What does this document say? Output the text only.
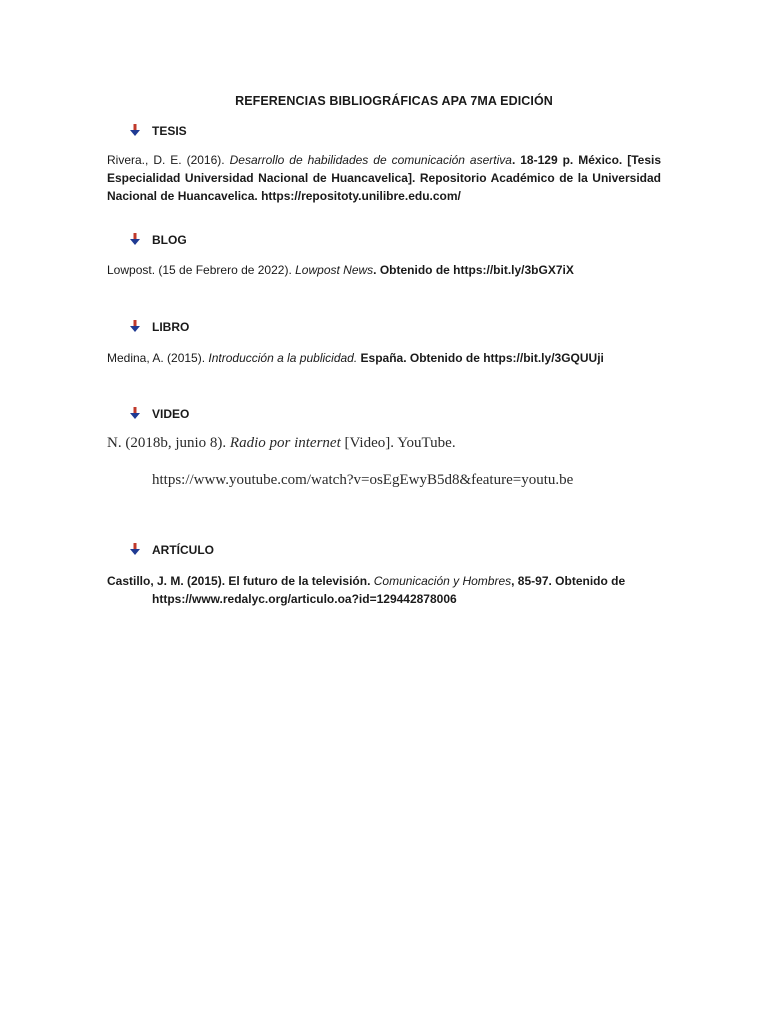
REFERENCIAS BIBLIOGRÁFICAS APA 7MA EDICIÓN
TESIS
Rivera., D. E. (2016). Desarrollo de habilidades de comunicación asertiva. 18-129 p. México. [Tesis Especialidad Universidad Nacional de Huancavelica]. Repositorio Académico de la Universidad Nacional de Huancavelica. https://repositoty.unilibre.edu.com/
BLOG
Lowpost. (15 de Febrero de 2022). Lowpost News. Obtenido de https://bit.ly/3bGX7iX
LIBRO
Medina, A. (2015). Introducción a la publicidad. España. Obtenido de https://bit.ly/3GQUUji
VIDEO
N. (2018b, junio 8). Radio por internet [Video]. YouTube.
https://www.youtube.com/watch?v=osEgEwyB5d8&feature=youtu.be
ARTÍCULO
Castillo, J. M. (2015). El futuro de la televisión. Comunicación y Hombres, 85-97. Obtenido de https://www.redalyc.org/articulo.oa?id=129442878006
